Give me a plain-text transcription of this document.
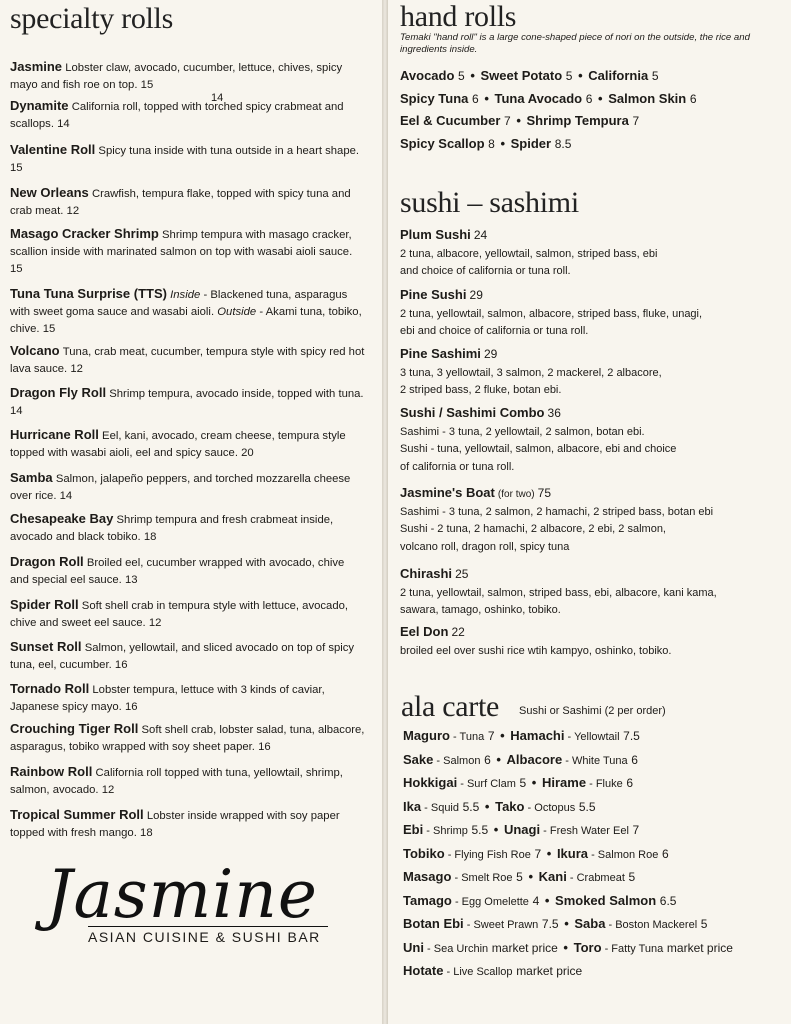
specialty rolls
14
Jasmine Lobster claw, avocado, cucumber, lettuce, chives, spicy mayo and fish roe on top. 15
Dynamite California roll, topped with torched spicy crabmeat and scallops. 14
Valentine Roll Spicy tuna inside with tuna outside in a heart shape. 15
New Orleans Crawfish, tempura flake, topped with spicy tuna and crab meat. 12
Masago Cracker Shrimp Shrimp tempura with masago cracker, scallion inside with marinated salmon on top with wasabi aioli sauce. 15
Tuna Tuna Surprise (TTS) Inside - Blackened tuna, asparagus with sweet goma sauce and wasabi aioli. Outside - Akami tuna, tobiko, chive. 15
Volcano Tuna, crab meat, cucumber, tempura style with spicy red hot lava sauce. 12
Dragon Fly Roll Shrimp tempura, avocado inside, topped with tuna. 14
Hurricane Roll Eel, kani, avocado, cream cheese, tempura style topped with wasabi aioli, eel and spicy sauce. 20
Samba Salmon, jalapeño peppers, and torched mozzarella cheese over rice. 14
Chesapeake Bay Shrimp tempura and fresh crabmeat inside, avocado and black tobiko. 18
Dragon Roll Broiled eel, cucumber wrapped with avocado, chive and special eel sauce. 13
Spider Roll Soft shell crab in tempura style with lettuce, avocado, chive and sweet eel sauce. 12
Sunset Roll Salmon, yellowtail, and sliced avocado on top of spicy tuna, eel, cucumber. 16
Tornado Roll Lobster tempura, lettuce with 3 kinds of caviar, Japanese spicy mayo. 16
Crouching Tiger Roll Soft shell crab, lobster salad, tuna, albacore, asparagus, tobiko wrapped with soy sheet paper. 16
Rainbow Roll California roll topped with tuna, yellowtail, shrimp, salmon, avocado. 12
Tropical Summer Roll Lobster inside wrapped with soy paper topped with fresh mango. 18
Jasmine
ASIAN CUISINE & SUSHI BAR
hand rolls
Temaki "hand roll" is a large cone-shaped piece of nori on the outside, the rice and ingredients inside.
Avocado 5 • Sweet Potato 5 • California 5
Spicy Tuna 6 • Tuna Avocado 6 • Salmon Skin 6
Eel & Cucumber 7 • Shrimp Tempura 7
Spicy Scallop 8 • Spider 8.5
sushi – sashimi
Plum Sushi 24
2 tuna, albacore, yellowtail, salmon, striped bass, ebi
and choice of california or tuna roll.
Pine Sushi 29
2 tuna, yellowtail, salmon, albacore, striped bass, fluke, unagi,
ebi and choice of california or tuna roll.
Pine Sashimi 29
3 tuna, 3 yellowtail, 3 salmon, 2 mackerel, 2 albacore,
2 striped bass, 2 fluke, botan ebi.
Sushi / Sashimi Combo 36
Sashimi - 3 tuna, 2 yellowtail, 2 salmon, botan ebi.
Sushi - tuna, yellowtail, salmon, albacore, ebi and choice
of california or tuna roll.
Jasmine's Boat (for two) 75
Sashimi - 3 tuna, 2 salmon, 2 hamachi, 2 striped bass, botan ebi
Sushi - 2 tuna, 2 hamachi, 2 albacore, 2 ebi, 2 salmon,
volcano roll, dragon roll, spicy tuna
Chirashi 25
2 tuna, yellowtail, salmon, striped bass, ebi, albacore, kani kama,
sawara, tamago, oshinko, tobiko.
Eel Don 22
broiled eel over sushi rice wtih kampyo, oshinko, tobiko.
ala carte Sushi or Sashimi (2 per order)
Maguro - Tuna 7 • Hamachi - Yellowtail 7.5
Sake - Salmon 6 • Albacore - White Tuna 6
Hokkigai - Surf Clam 5 • Hirame - Fluke 6
Ika - Squid 5.5 • Tako - Octopus 5.5
Ebi - Shrimp 5.5 • Unagi - Fresh Water Eel 7
Tobiko - Flying Fish Roe 7 • Ikura - Salmon Roe 6
Masago - Smelt Roe 5 • Kani - Crabmeat 5
Tamago - Egg Omelette 4 • Smoked Salmon 6.5
Botan Ebi - Sweet Prawn 7.5 • Saba - Boston Mackerel 5
Uni - Sea Urchin market price • Toro - Fatty Tuna market price
Hotate - Live Scallop market price
